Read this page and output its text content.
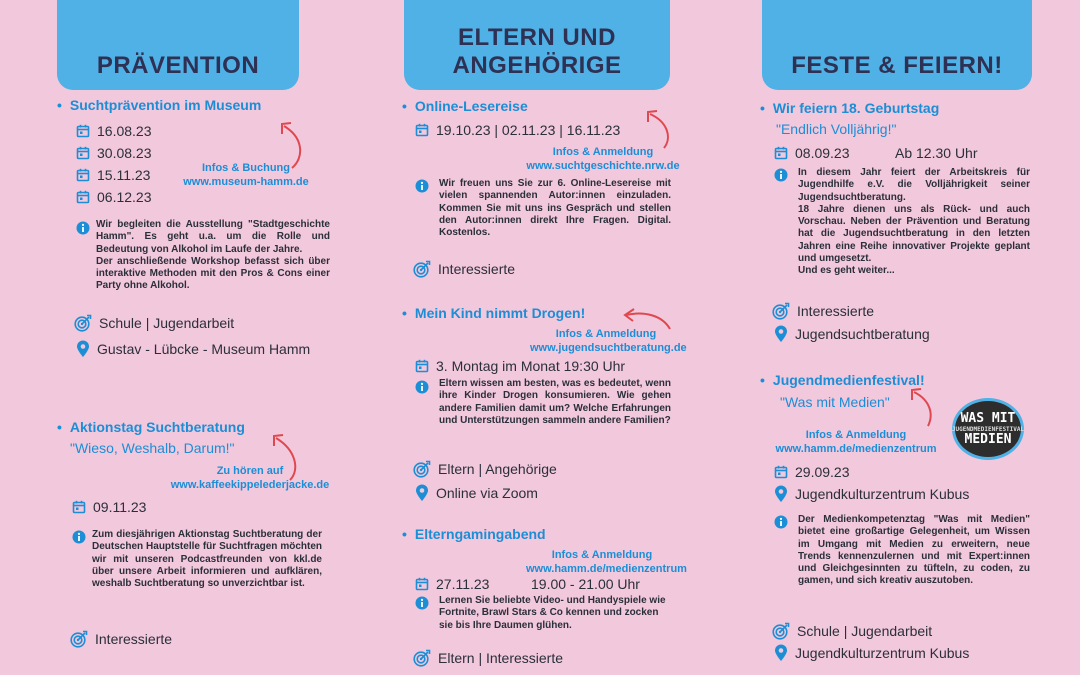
PRÄVENTION
• Suchtprävention im Museum
16.08.23
30.08.23
15.11.23
06.12.23
Infos & Buchung
www.museum-hamm.de
Wir begleiten die Ausstellung "Stadtgeschichte Hamm". Es geht u.a. um die Rolle und Bedeutung von Alkohol im Laufe der Jahre.
Der anschließende Workshop befasst sich über interaktive Methoden mit den Pros & Cons einer Party ohne Alkohol.
Schule | Jugendarbeit
Gustav - Lübcke - Museum Hamm
• Aktionstag Suchtberatung
"Wieso, Weshalb, Darum!"
Zu hören auf
www.kaffeekippelederjacke.de
09.11.23
Zum diesjährigen Aktionstag Suchtberatung der Deutschen Hauptstelle für Suchtfragen möchten wir mit unseren Podcastfreunden von kkl.de über unsere Arbeit informieren und aufklären, weshalb Suchtberatung so unverzichtbar ist.
Interessierte
ELTERN UND
ANGEHÖRIGE
• Online-Lesereise
19.10.23 | 02.11.23 | 16.11.23
Infos & Anmeldung
www.suchtgeschichte.nrw.de
Wir freuen uns Sie zur 6. Online-Lesereise mit vielen spannenden Autor:innen einzuladen. Kommen Sie mit uns ins Gespräch und stellen den Autor:innen direkt Ihre Fragen. Digital. Kostenlos.
Interessierte
• Mein Kind nimmt Drogen!
Infos & Anmeldung
www.jugendsuchtberatung.de
3. Montag im Monat 19:30 Uhr
Eltern wissen am besten, was es bedeutet, wenn ihre Kinder Drogen konsumieren. Wie gehen andere Familien damit um? Welche Erfahrungen und Unterstützungen sammeln andere Familien?
Eltern | Angehörige
Online via Zoom
• Elterngamingabend
Infos & Anmeldung
www.hamm.de/medienzentrum
27.11.23	19.00 - 21.00 Uhr
Lernen Sie beliebte Video- und Handyspiele wie Fortnite, Brawl Stars & Co kennen und zocken sie bis Ihre Daumen glühen.
Eltern | Interessierte
FESTE & FEIERN!
• Wir feiern 18. Geburtstag
"Endlich Volljährig!"
08.09.23	Ab 12.30 Uhr
In diesem Jahr feiert der Arbeitskreis für Jugendhilfe e.V. die Volljährigkeit seiner Jugendsuchtberatung.
18 Jahre dienen uns als Rück- und auch Vorschau. Neben der Prävention und Beratung hat die Jugendsuchtberatung in den letzten Jahren eine Reihe innovativer Projekte geplant und umgesetzt.
Und es geht weiter...
Interessierte
Jugendsuchtberatung
• Jugendmedienfestival!
"Was mit Medien"
Infos & Anmeldung
www.hamm.de/medienzentrum
WAS MIT
JUGENDMEDIENFESTIVAL
MEDIEN
29.09.23
Jugendkulturzentrum Kubus
Der Medienkompetenztag "Was mit Medien" bietet eine großartige Gelegenheit, um Wissen im Umgang mit Medien zu erweitern, neue Trends kennenzulernen und mit Expert:innen und Gleichgesinnten zu tüfteln, zu coden, zu gamen, und sich kreativ auszutoben.
Schule | Jugendarbeit
Jugendkulturzentrum Kubus
